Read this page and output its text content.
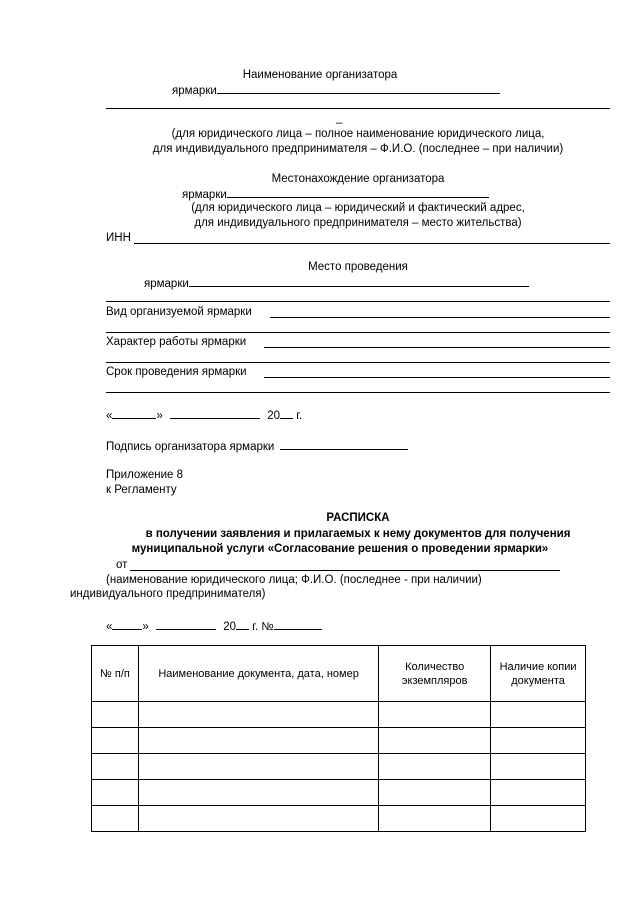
Наименование организатора
ярмарки
_
(для юридического лица – полное наименование юридического лица,
для индивидуального предпринимателя – Ф.И.О. (последнее – при наличии)
Местонахождение организатора
ярмарки
(для юридического лица – юридический и фактический адрес,
для индивидуального предпринимателя – место жительства)
ИНН
Место проведения
ярмарки
Вид организуемой ярмарки
Характер работы ярмарки
Срок проведения ярмарки
«	»	20 г.
Подпись организатора ярмарки
Приложение 8
к Регламенту
РАСПИСКА
в получении заявления и прилагаемых к нему документов для получения
муниципальной услуги «Согласование решения о проведении ярмарки»
от
(наименование юридического лица; Ф.И.О. (последнее - при наличии)
индивидуального предпринимателя)
«	»	20 г. №
№ п/п	Наименование документа, дата, номер	Количество экземпляров	Наличие копии документа
